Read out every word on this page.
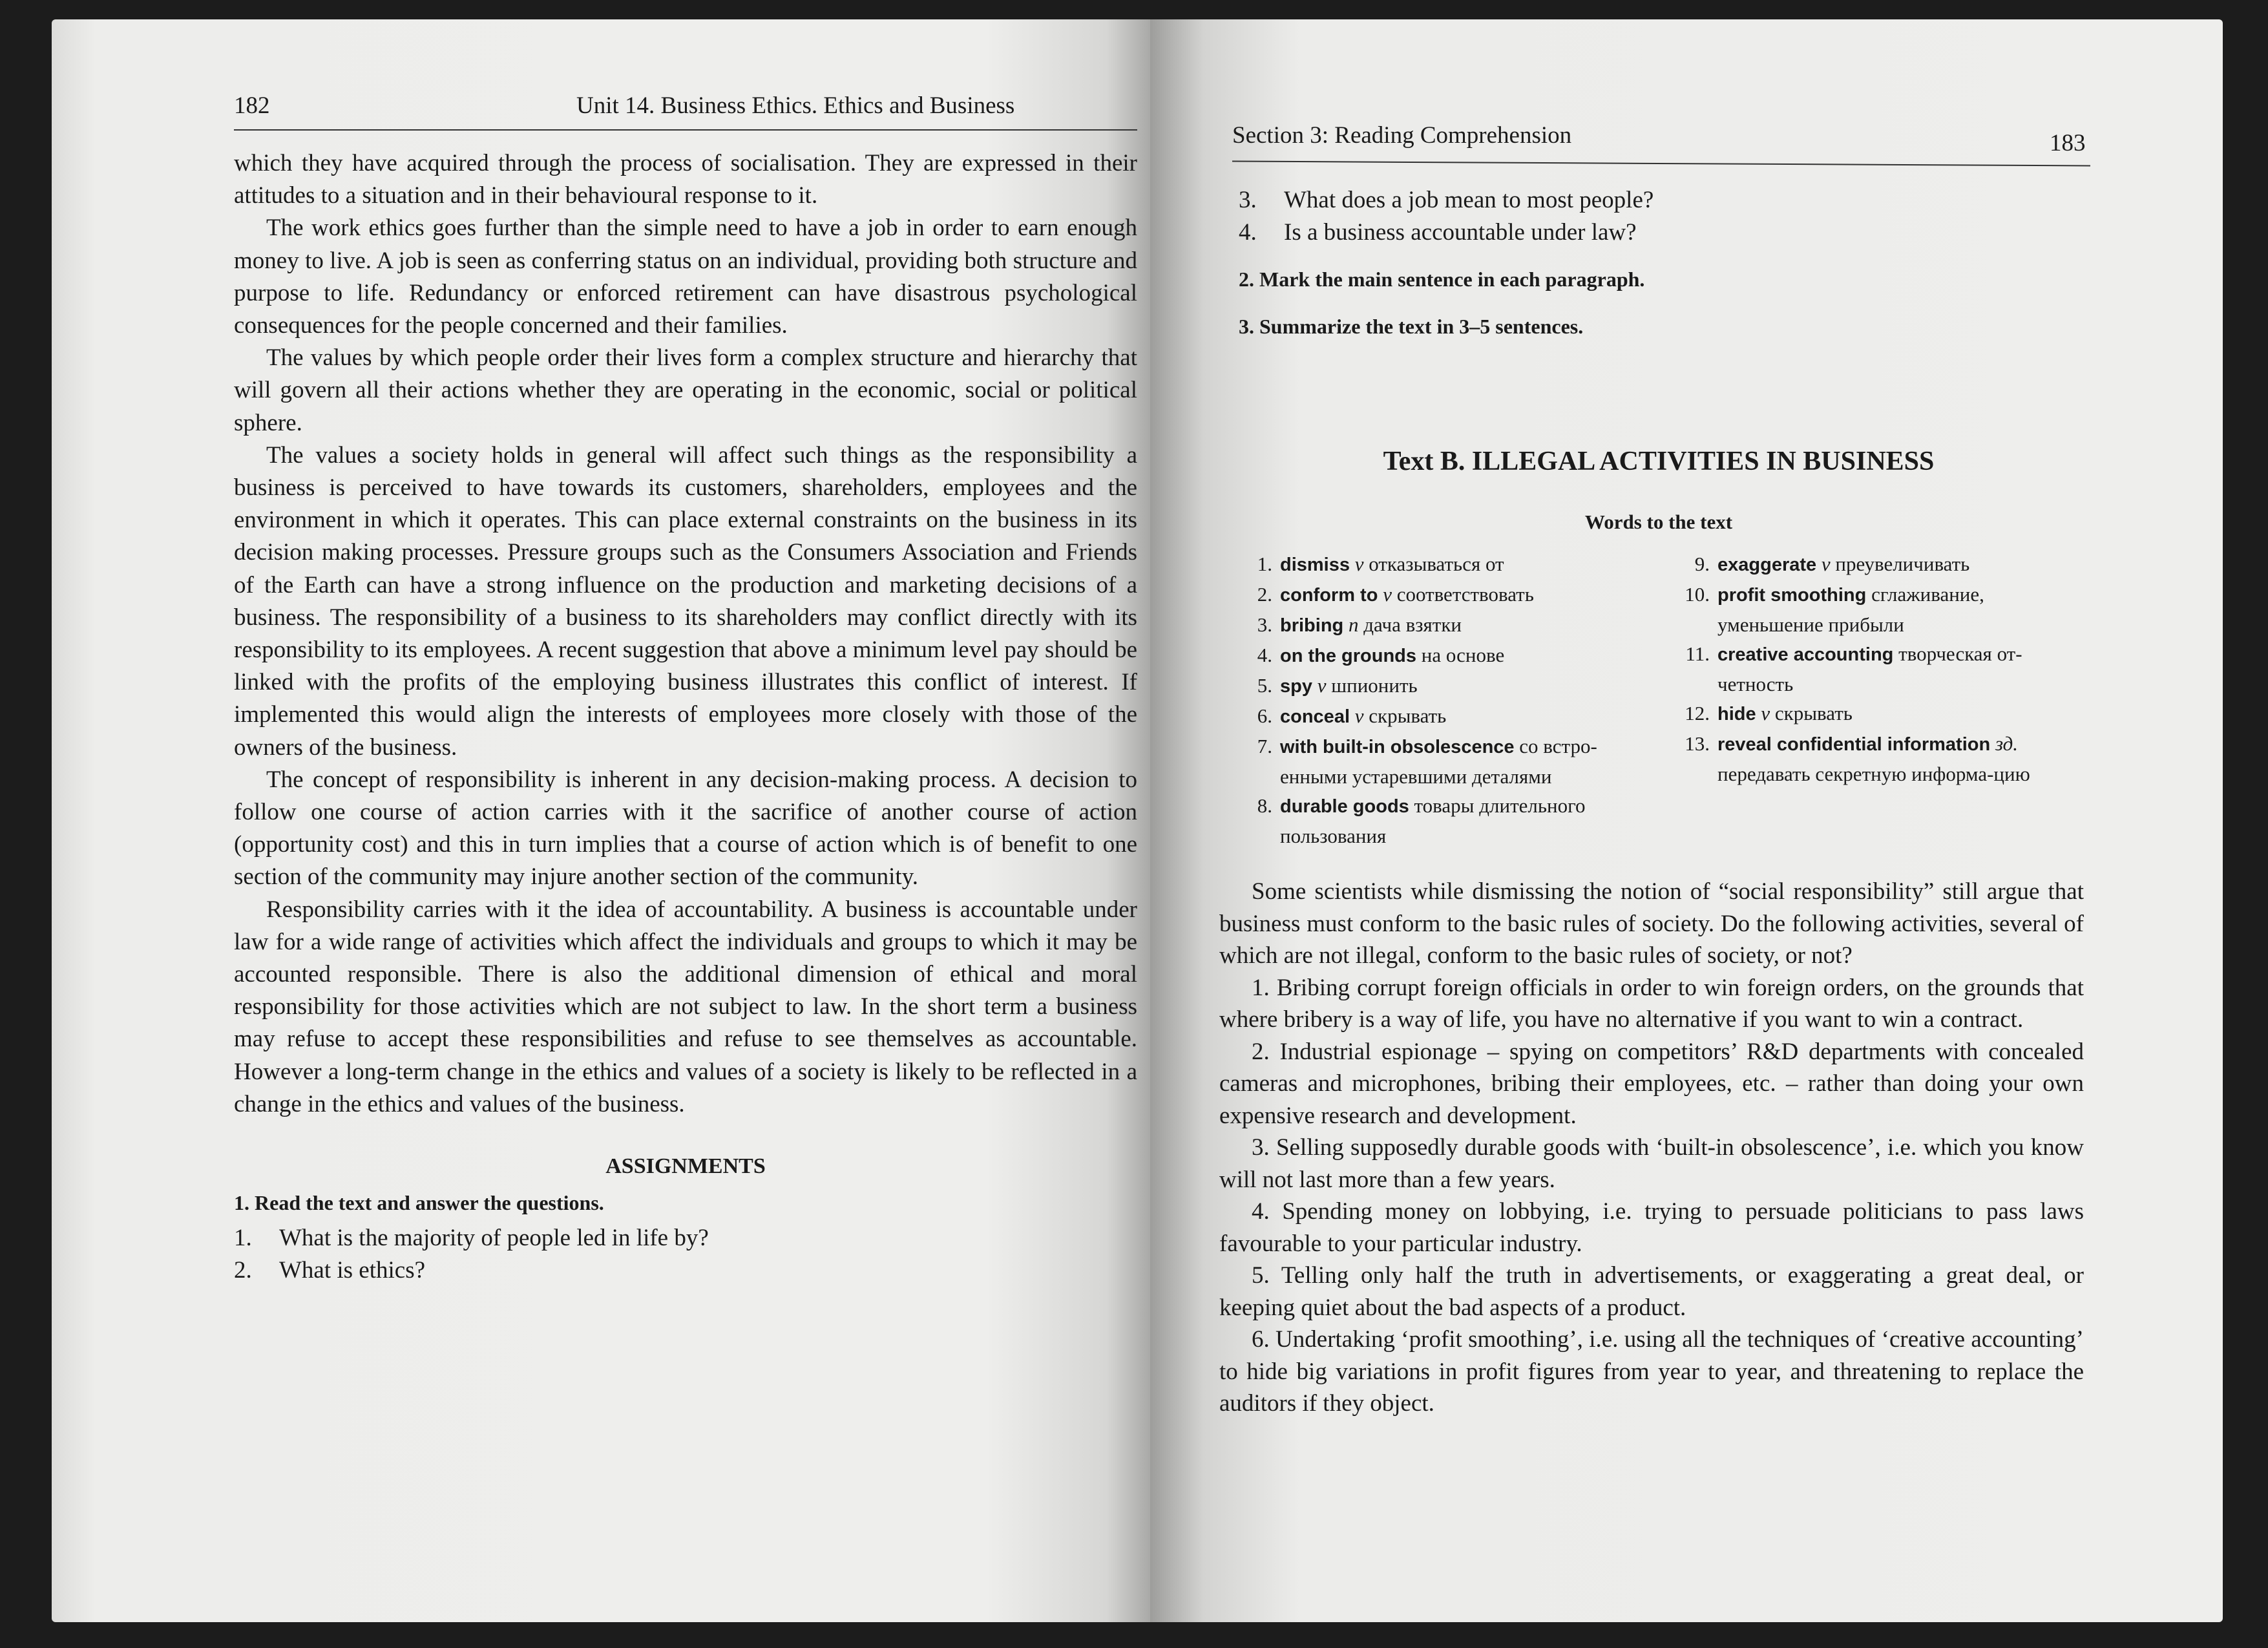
182	Unit 14. Business Ethics. Ethics and Business

which they have acquired through the process of socialisation. They are expressed in their attitudes to a situation and in their behavioural response to it.

The work ethics goes further than the simple need to have a job in order to earn enough money to live. A job is seen as conferring status on an individual, providing both structure and purpose to life. Redundancy or enforced retirement can have disastrous psychological consequences for the people concerned and their families.

The values by which people order their lives form a complex structure and hierarchy that will govern all their actions whether they are operating in the economic, social or political sphere.

The values a society holds in general will affect such things as the responsibility a business is perceived to have towards its customers, shareholders, employees and the environment in which it operates. This can place external constraints on the business in its decision making processes. Pressure groups such as the Consumers Association and Friends of the Earth can have a strong influence on the production and marketing decisions of a business. The responsibility of a business to its shareholders may conflict directly with its responsibility to its employees. A recent suggestion that above a minimum level pay should be linked with the profits of the employing business illustrates this conflict of interest. If implemented this would align the interests of employees more closely with those of the owners of the business.

The concept of responsibility is inherent in any decision-making process. A decision to follow one course of action carries with it the sacrifice of another course of action (opportunity cost) and this in turn implies that a course of action which is of benefit to one section of the community may injure another section of the community.

Responsibility carries with it the idea of accountability. A business is accountable under law for a wide range of activities which affect the individuals and groups to which it may be accounted responsible. There is also the additional dimension of ethical and moral responsibility for those activities which are not subject to law. In the short term a business may refuse to accept these responsibilities and refuse to see themselves as accountable. However a long-term change in the ethics and values of a society is likely to be reflected in a change in the ethics and values of the business.

ASSIGNMENTS
1. Read the text and answer the questions.
1.	What is the majority of people led in life by?
2.	What is ethics?
Section 3: Reading Comprehension	183
3.	What does a job mean to most people?
4.	Is a business accountable under law?
2. Mark the main sentence in each paragraph.
3. Summarize the text in 3–5 sentences.
Text B. ILLEGAL ACTIVITIES IN BUSINESS
Words to the text
1. dismiss v отказываться от
2. conform to v соответствовать
3. bribing n дача взятки
4. on the grounds на основе
5. spy v шпионить
6. conceal v скрывать
7. with built-in obsolescence со встро-енными устаревшими деталями
8. durable goods товары длительного пользования
9. exaggerate v преувеличивать
10. profit smoothing сглаживание, уменьшение прибыли
11. creative accounting творческая от-четность
12. hide v скрывать
13. reveal confidential information зд. передавать секретную информа-цию

Some scientists while dismissing the notion of “social responsibility” still argue that business must conform to the basic rules of society. Do the following activities, several of which are not illegal, conform to the basic rules of society, or not?

1. Bribing corrupt foreign officials in order to win foreign orders, on the grounds that where bribery is a way of life, you have no alternative if you want to win a contract.

2. Industrial espionage – spying on competitors’ R&D departments with concealed cameras and microphones, bribing their employees, etc. – rather than doing your own expensive research and development.

3. Selling supposedly durable goods with ‘built-in obsolescence’, i.e. which you know will not last more than a few years.

4. Spending money on lobbying, i.e. trying to persuade politicians to pass laws favourable to your particular industry.

5. Telling only half the truth in advertisements, or exaggerating a great deal, or keeping quiet about the bad aspects of a product.

6. Undertaking ‘profit smoothing’, i.e. using all the techniques of ‘creative accounting’ to hide big variations in profit figures from year to year, and threatening to replace the auditors if they object.
